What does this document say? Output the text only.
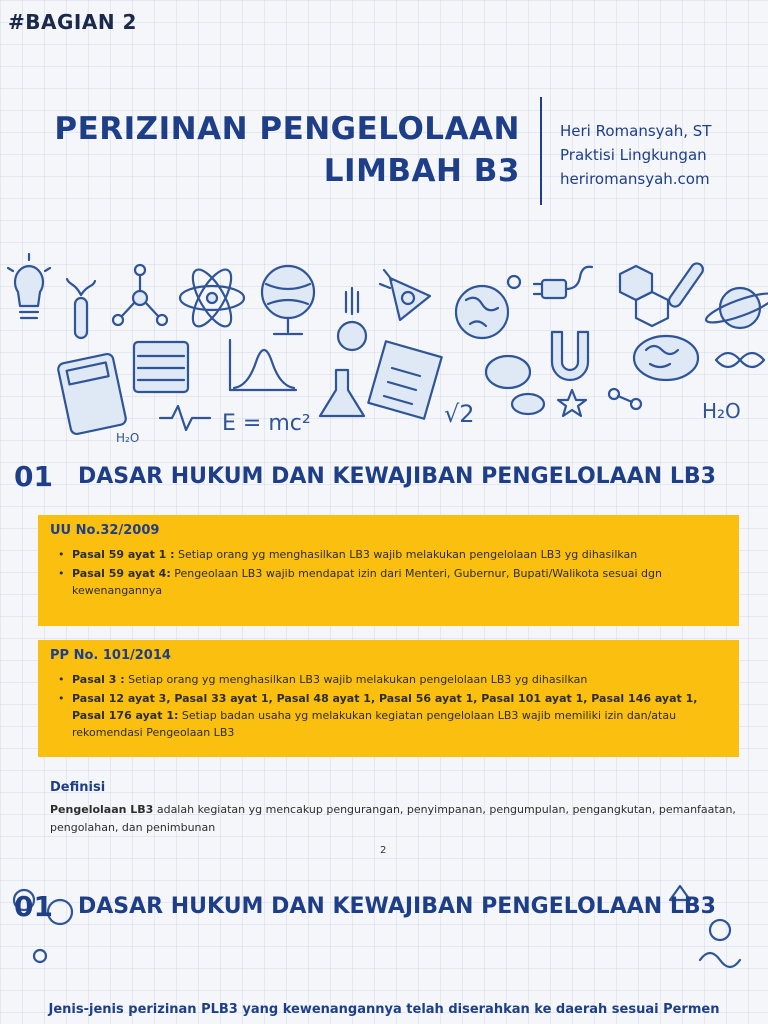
#BAGIAN 2
PERIZINAN PENGELOLAAN
LIMBAH B3
Heri Romansyah, ST
Praktisi Lingkungan
heriromansyah.com
E = mc²	√2	H₂O
H₂O
01 DASAR HUKUM DAN KEWAJIBAN PENGELOLAAN LB3
UU No.32/2009
• Pasal 59 ayat 1 : Setiap orang yg menghasilkan LB3 wajib melakukan pengelolaan LB3 yg dihasilkan
• Pasal 59 ayat 4: Pengeolaan LB3 wajib mendapat izin dari Menteri, Gubernur, Bupati/Walikota sesuai dgn kewenangannya
PP No. 101/2014
• Pasal 3 : Setiap orang yg menghasilkan LB3 wajib melakukan pengelolaan LB3 yg dihasilkan
• Pasal 12 ayat 3, Pasal 33 ayat 1, Pasal 48 ayat 1, Pasal 56 ayat 1, Pasal 101 ayat 1, Pasal 146 ayat 1, Pasal 176 ayat 1: Setiap badan usaha yg melakukan kegiatan pengelolaan LB3 wajib memiliki izin dan/atau rekomendasi Pengeolaan LB3
Definisi
Pengelolaan LB3 adalah kegiatan yg mencakup pengurangan, penyimpanan, pengumpulan, pengangkutan, pemanfaatan, pengolahan, dan penimbunan
2
01 DASAR HUKUM DAN KEWAJIBAN PENGELOLAAN LB3
Jenis-jenis perizinan PLB3 yang kewenangannya telah diserahkan ke daerah sesuai Permen
